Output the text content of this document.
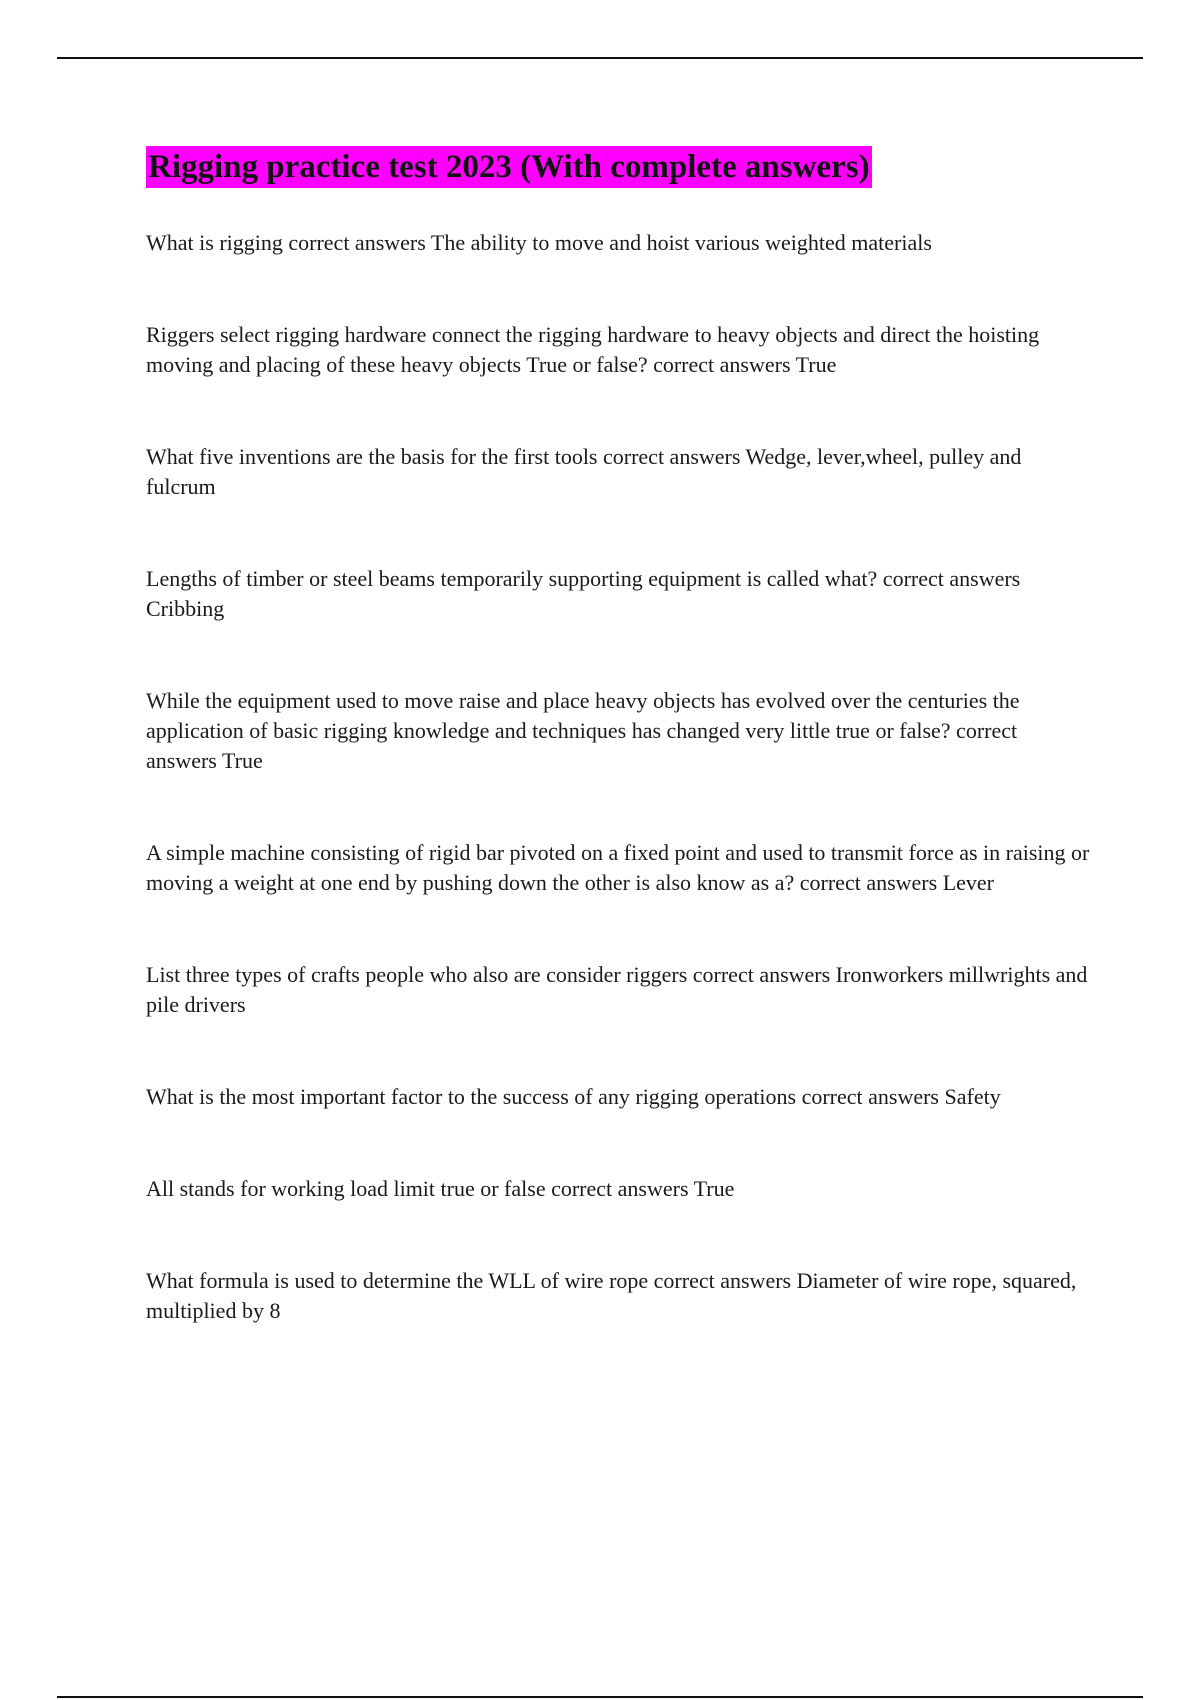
Rigging practice test 2023 (With complete answers)
What is rigging correct answers The ability to move and hoist various weighted materials
Riggers select rigging hardware connect the rigging hardware to heavy objects and direct the hoisting moving and placing of these heavy objects True or false? correct answers True
What five inventions are the basis for the first tools correct answers Wedge, lever,wheel, pulley and fulcrum
Lengths of timber or steel beams temporarily supporting equipment is called what? correct answers Cribbing
While the equipment used to move raise and place heavy objects has evolved over the centuries the application of basic rigging knowledge and techniques has changed very little true or false? correct answers True
A simple machine consisting of rigid bar pivoted on a fixed point and used to transmit force as in raising or moving a weight at one end by pushing down the other is also know as a? correct answers Lever
List three types of crafts people who also are consider riggers correct answers Ironworkers millwrights and pile drivers
What is the most important factor to the success of any rigging operations correct answers Safety
All stands for working load limit true or false correct answers True
What formula is used to determine the WLL of wire rope correct answers Diameter of wire rope, squared, multiplied by 8
